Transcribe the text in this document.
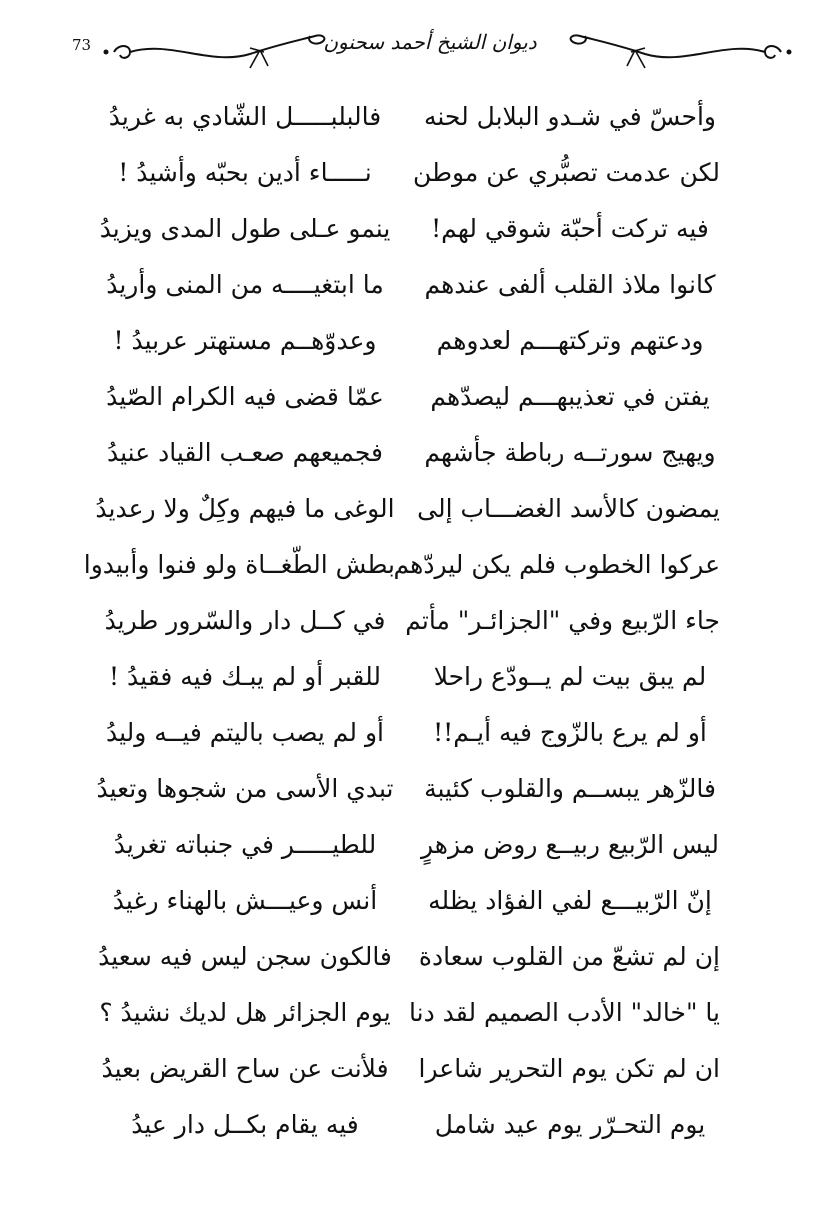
73	ديوان الشيخ أحمد سحنون
وأحسّ في شـدو البلابل لحنه
فالبلبـــــل الشّادي به غريدُ
لكن عدمت تصبُّري عن موطن
نـــــاء أدين بحبّه وأشيدُ !
فيه تركت أحبّة شوقي لهم!
ينمو عـلى طول المدى ويزيدُ
كانوا ملاذ القلب ألفى عندهم
ما ابتغيــــه من المنى وأريدُ
ودعتهم وتركتهـــم لعدوهم
وعدوّهــم مستهتر عربيدُ !
يفتن في تعذيبهـــم ليصدّهم
عمّا قضى فيه الكرام الصّيدُ
ويهيج سورتــه رباطة جأشهم
فجميعهم صعـب القياد عنيدُ
يمضون كالأسد الغضـــاب إلى
الوغى ما فيهم وكِلٌ ولا رعديدُ
عركوا الخطوب فلم يكن ليردّهم
بطش الطّغــاة ولو فنوا وأبيدوا
جاء الرّبيع وفي "الجزائـر" مأتم
في كــل دار والسّرور طريدُ
لم يبق بيت لم يــودّع راحلا
للقبر أو لم يبـك فيه فقيدُ !
أو لم يرع بالزّوج فيه أيـم!!
أو لم يصب باليتم فيــه وليدُ
فالزّهر يبســم والقلوب كئيبة
تبدي الأسى من شجوها وتعيدُ
ليس الرّبيع ربيــع روض مزهرٍ
للطيـــــر في جنباته تغريدُ
إنّ الرّبيـــع لفي الفؤاد يظله
أنس وعيـــش بالهناء رغيدُ
إن لم تشعّ من القلوب سعادة
فالكون سجن ليس فيه سعيدُ
يا "خالد" الأدب الصميم لقد دنا
يوم الجزائر هل لديك نشيدُ ؟
ان لم تكن يوم التحرير شاعرا
فلأنت عن ساح القريض بعيدُ
يوم التحـرّر يوم عيد شامل
فيه يقام بكــل دار عيدُ
